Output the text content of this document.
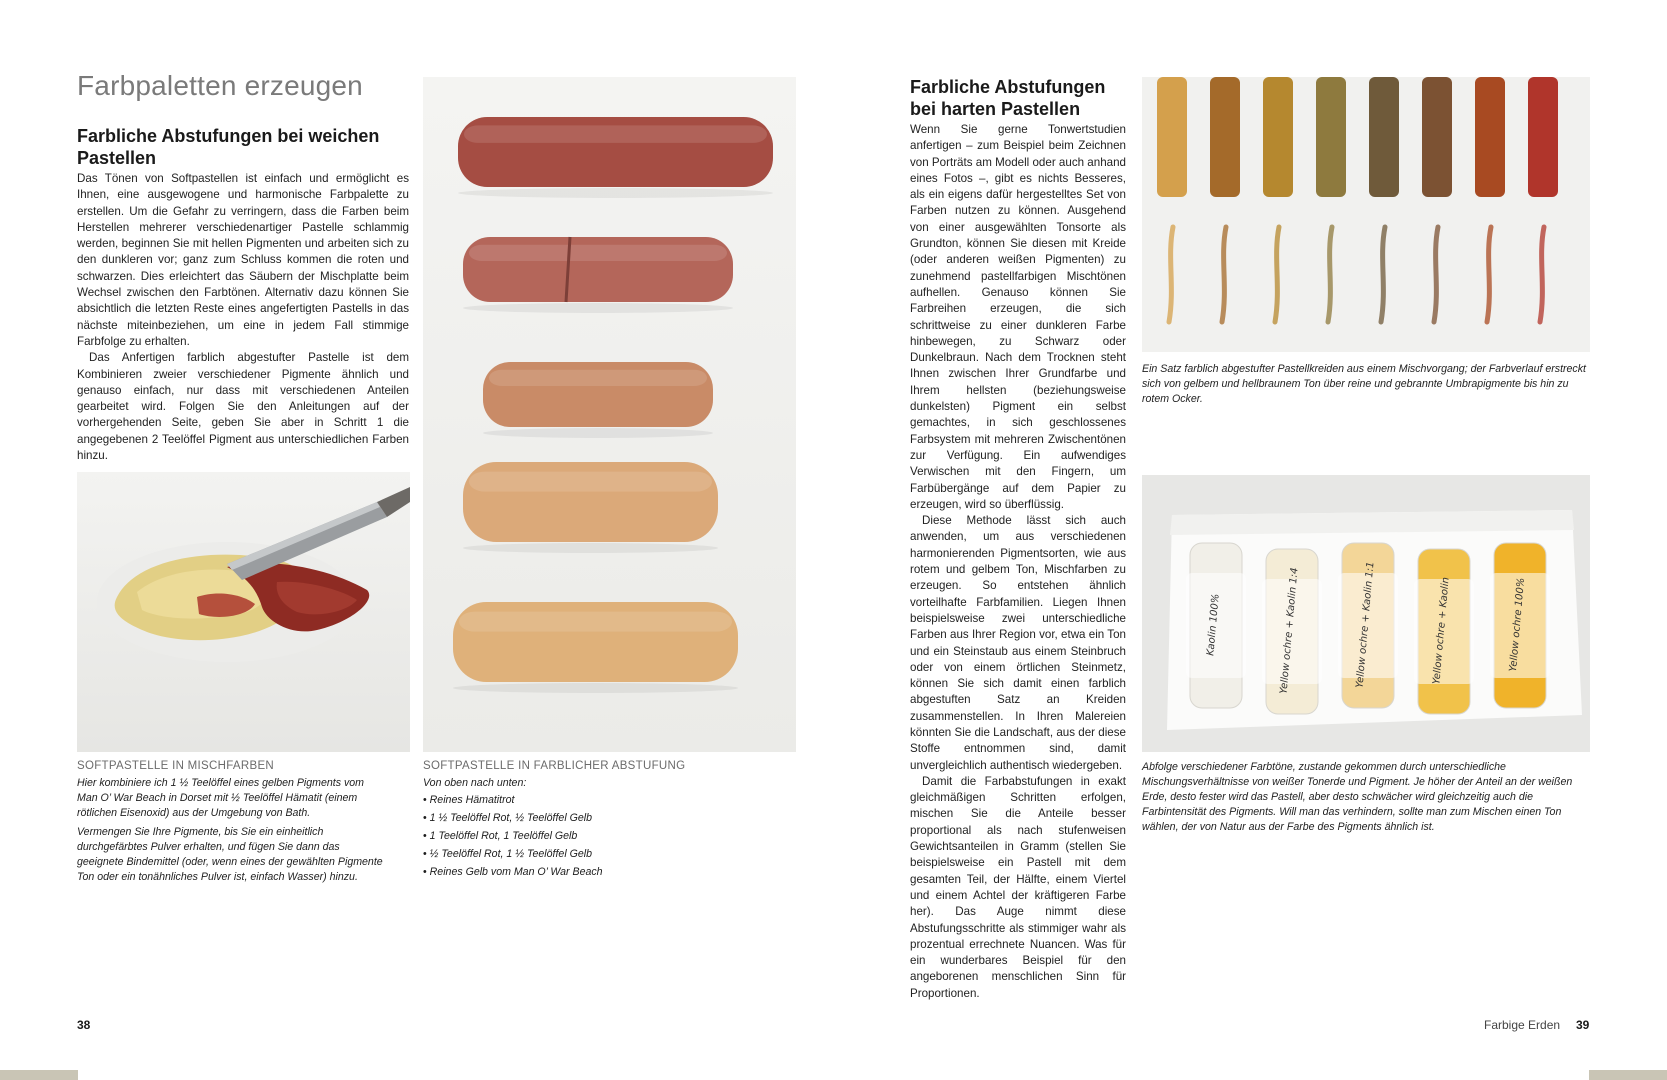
Farbpaletten erzeugen
Farbliche Abstufungen bei weichen Pastellen

Das Tönen von Softpastellen ist einfach und ermöglicht es Ihnen, eine ausgewogene und harmonische Farbpalette zu erstellen. Um die Gefahr zu verringern, dass die Farben beim Herstellen mehrerer verschiedenartiger Pastelle schlammig werden, beginnen Sie mit hellen Pigmenten und arbeiten sich zu den dunkleren vor; ganz zum Schluss kommen die roten und schwarzen. Dies erleichtert das Säubern der Mischplatte beim Wechsel zwischen den Farbtönen. Alternativ dazu können Sie absichtlich die letzten Reste eines angefertigten Pastells in das nächste miteinbeziehen, um eine in jedem Fall stimmige Farbfolge zu erhalten.

Das Anfertigen farblich abgestufter Pastelle ist dem Kombinieren zweier verschiedener Pigmente ähnlich und genauso einfach, nur dass mit verschiedenen Anteilen gearbeitet wird. Folgen Sie den Anleitungen auf der vorhergehenden Seite, geben Sie aber in Schritt 1 die angegebenen 2 Teelöffel Pigment aus unterschiedlichen Farben hinzu.

SOFTPASTELLE IN MISCHFARBEN

Hier kombiniere ich 1 ½ Teelöffel eines gelben Pigments vom Man O’ War Beach in Dorset mit ½ Teelöffel Hämatit (einem rötlichen Eisenoxid) aus der Umgebung von Bath.

Vermengen Sie Ihre Pigmente, bis Sie ein einheitlich durchgefärbtes Pulver erhalten, und fügen Sie dann das geeignete Bindemittel (oder, wenn eines der gewählten Pigmente Ton oder ein tonähnliches Pulver ist, einfach Wasser) hinzu.

SOFTPASTELLE IN FARBLICHER ABSTUFUNG

Von oben nach unten:

• Reines Hämatitrot
• 1 ½ Teelöffel Rot, ½ Teelöffel Gelb
• 1 Teelöffel Rot, 1 Teelöffel Gelb
• ½ Teelöffel Rot, 1 ½ Teelöffel Gelb
• Reines Gelb vom Man O’ War Beach
38
Farbliche Abstufungen bei harten Pastellen

Wenn Sie gerne Tonwertstudien anfertigen – zum Beispiel beim Zeichnen von Porträts am Modell oder auch anhand eines Fotos –, gibt es nichts Besseres, als ein eigens dafür hergestelltes Set von Farben nutzen zu können. Ausgehend von einer ausgewählten Tonsorte als Grundton, können Sie diesen mit Kreide (oder anderen weißen Pigmenten) zu zunehmend pastellfarbigen Mischtönen aufhellen. Genauso können Sie Farbreihen erzeugen, die sich schrittweise zu einer dunkleren Farbe hinbewegen, zu Schwarz oder Dunkelbraun. Nach dem Trocknen steht Ihnen zwischen Ihrer Grundfarbe und Ihrem hellsten (beziehungsweise dunkelsten) Pigment ein selbst gemachtes, in sich geschlossenes Farbsystem mit mehreren Zwischentönen zur Verfügung. Ein aufwendiges Verwischen mit den Fingern, um Farbübergänge auf dem Papier zu erzeugen, wird so überflüssig.

Diese Methode lässt sich auch anwenden, um aus verschiedenen harmonierenden Pigmentsorten, wie aus rotem und gelbem Ton, Mischfarben zu erzeugen. So entstehen ähnlich vorteilhafte Farbfamilien. Liegen Ihnen beispielsweise zwei unterschiedliche Farben aus Ihrer Region vor, etwa ein Ton und ein Steinstaub aus einem Steinbruch oder von einem örtlichen Steinmetz, können Sie sich damit einen farblich abgestuften Satz an Kreiden zusammenstellen. In Ihren Malereien könnten Sie die Landschaft, aus der diese Stoffe entnommen sind, damit unvergleichlich authentisch wiedergeben.

Damit die Farbabstufungen in exakt gleichmäßigen Schritten erfolgen, mischen Sie die Anteile besser proportional als nach stufenweisen Gewichtsanteilen in Gramm (stellen Sie beispielsweise ein Pastell mit dem gesamten Teil, der Hälfte, einem Viertel und einem Achtel der kräftigeren Farbe her). Das Auge nimmt diese Abstufungsschritte als stimmiger wahr als prozentual errechnete Nuancen. Was für ein wunderbares Beispiel für den angeborenen menschlichen Sinn für Proportionen.

Ein Satz farblich abgestufter Pastellkreiden aus einem Mischvorgang; der Farbverlauf erstreckt sich von gelbem und hellbraunem Ton über reine und gebrannte Umbrapigmente bis hin zu rotem Ocker.
Kaolin 100%	Yellow ochre + Kaolin 1:4	Yellow ochre + Kaolin 1:1	Yellow ochre + Kaolin	Yellow ochre 100%
Abfolge verschiedener Farbtöne, zustande gekommen durch unterschiedliche Mischungsverhältnisse von weißer Tonerde und Pigment. Je höher der Anteil an der weißen Erde, desto fester wird das Pastell, aber desto schwächer wird gleichzeitig auch die Farbintensität des Pigments. Will man das verhindern, sollte man zum Mischen einen Ton wählen, der von Natur aus der Farbe des Pigments ähnlich ist.
Farbige Erden 39
